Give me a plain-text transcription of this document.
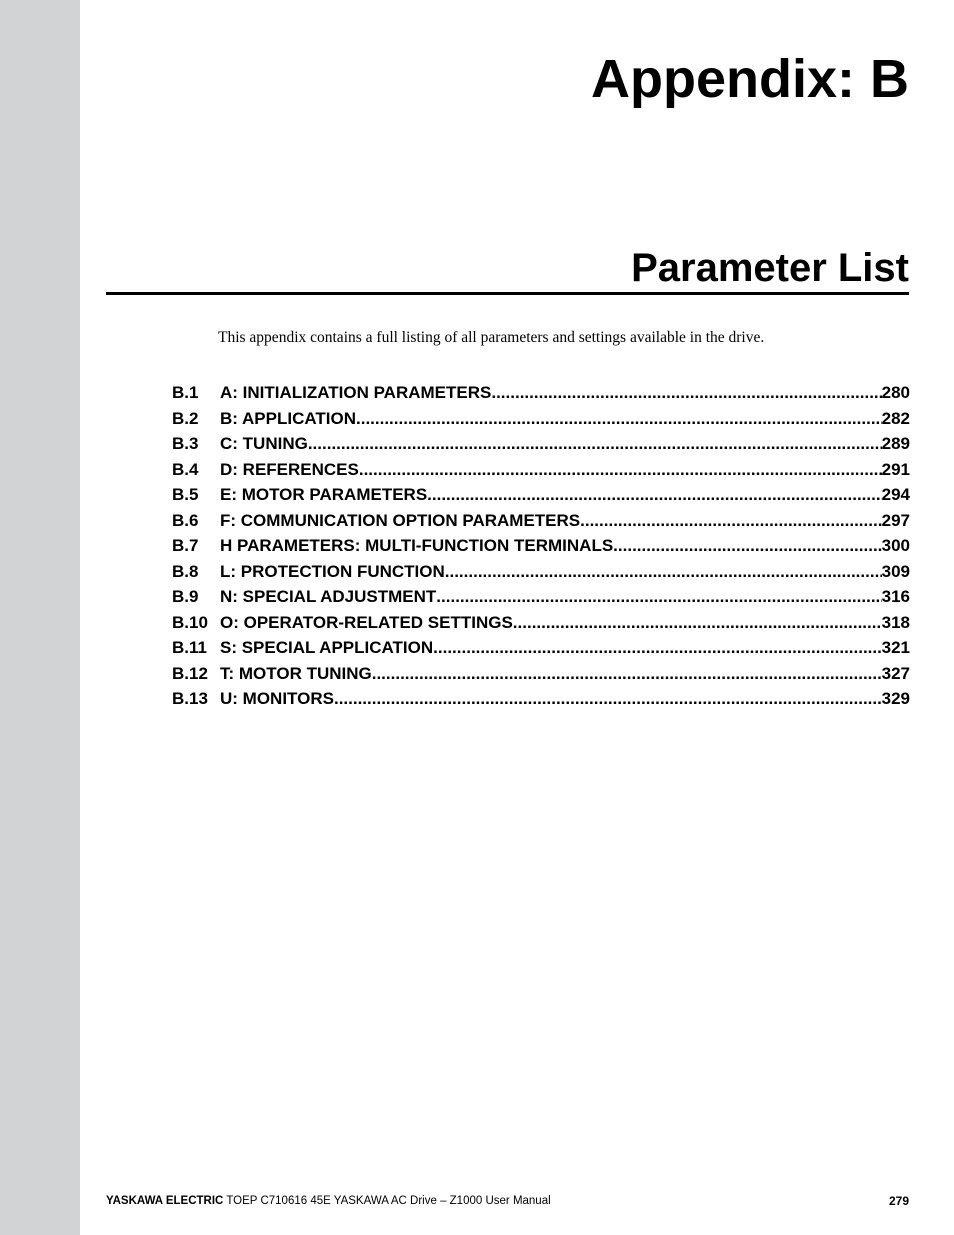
Appendix: B
Parameter List
This appendix contains a full listing of all parameters and settings available in the drive.
B.1	A: INITIALIZATION PARAMETERS .....	280
B.2	B: APPLICATION .....	282
B.3	C: TUNING .....	289
B.4	D: REFERENCES .....	291
B.5	E: MOTOR PARAMETERS .....	294
B.6	F: COMMUNICATION OPTION PARAMETERS .....	297
B.7	H PARAMETERS: MULTI-FUNCTION TERMINALS .....	300
B.8	L: PROTECTION FUNCTION .....	309
B.9	N: SPECIAL ADJUSTMENT .....	316
B.10 O: OPERATOR-RELATED SETTINGS .....	318
B.11 S: SPECIAL APPLICATION .....	321
B.12 T: MOTOR TUNING .....	327
B.13 U: MONITORS .....	329
YASKAWA ELECTRIC TOEP C710616 45E YASKAWA AC Drive – Z1000 User Manual	279
